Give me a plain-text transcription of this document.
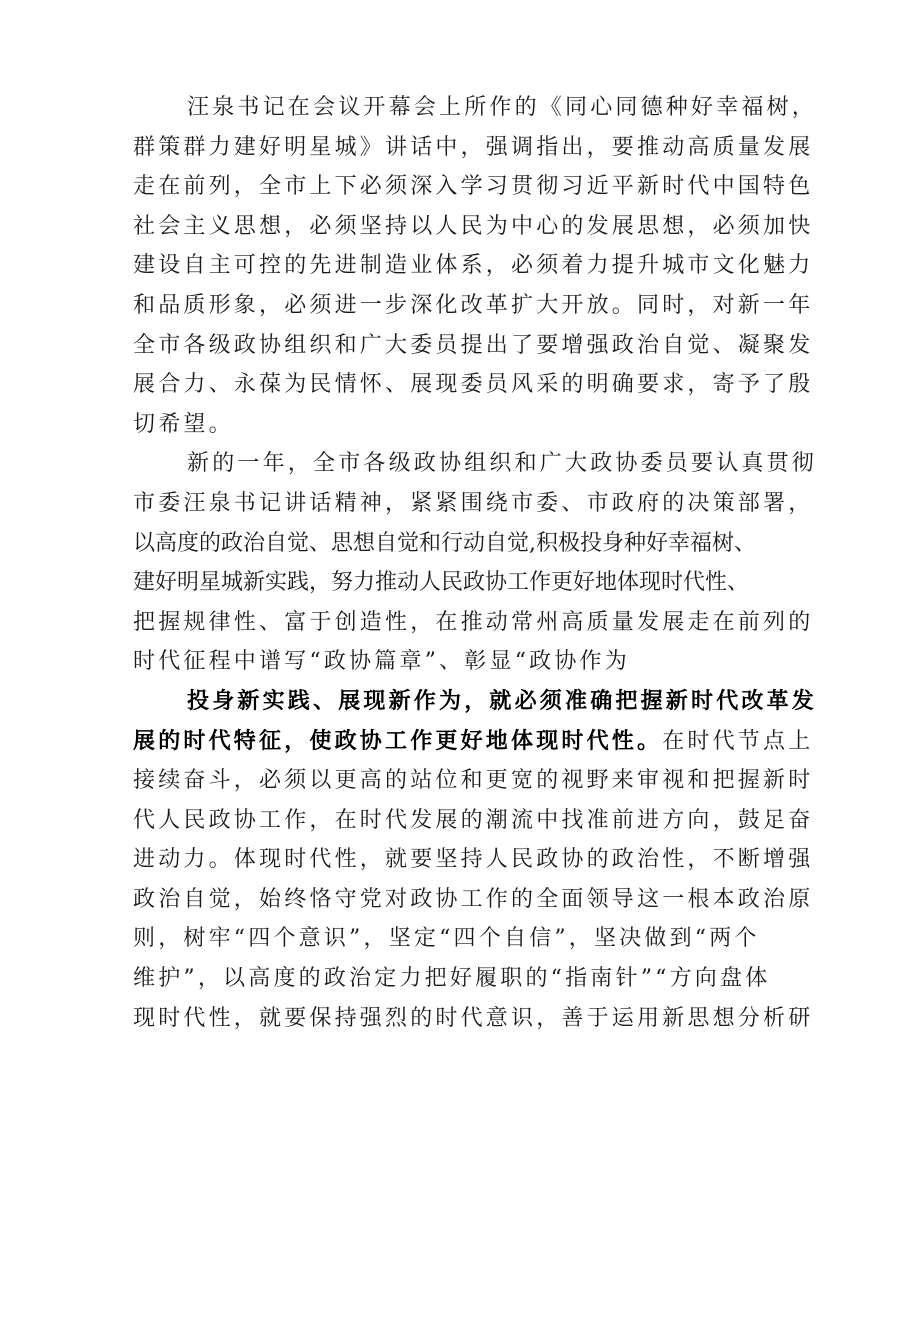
汪泉书记在会议开幕会上所作的《同心同德种好幸福树，
群策群力建好明星城》讲话中，强调指出，要推动高质量发展
走在前列，全市上下必须深入学习贯彻习近平新时代中国特色
社会主义思想，必须坚持以人民为中心的发展思想，必须加快
建设自主可控的先进制造业体系，必须着力提升城市文化魅力
和品质形象，必须进一步深化改革扩大开放。同时，对新一年
全市各级政协组织和广大委员提出了要增强政治自觉、凝聚发
展合力、永葆为民情怀、展现委员风采的明确要求，寄予了殷
切希望。

新的一年，全市各级政协组织和广大政协委员要认真贯彻
市委汪泉书记讲话精神，紧紧围绕市委、市政府的决策部署，
以高度的政治自觉、思想自觉和行动自觉,积极投身种好幸福树、
建好明星城新实践，努力推动人民政协工作更好地体现时代性、
把握规律性、富于创造性，在推动常州高质量发展走在前列的
时代征程中谱写“政协篇章”、彰显“政协作为

投身新实践、展现新作为，就必须准确把握新时代改革发
展的时代特征，使政协工作更好地体现时代性。在时代节点上
接续奋斗，必须以更高的站位和更宽的视野来审视和把握新时
代人民政协工作，在时代发展的潮流中找准前进方向，鼓足奋
进动力。体现时代性，就要坚持人民政协的政治性，不断增强
政治自觉，始终恪守党对政协工作的全面领导这一根本政治原
则，树牢“四个意识”，坚定“四个自信”，坚决做到“两个
维护”，以高度的政治定力把好履职的“指南针”“方向盘体
现时代性，就要保持强烈的时代意识，善于运用新思想分析研
